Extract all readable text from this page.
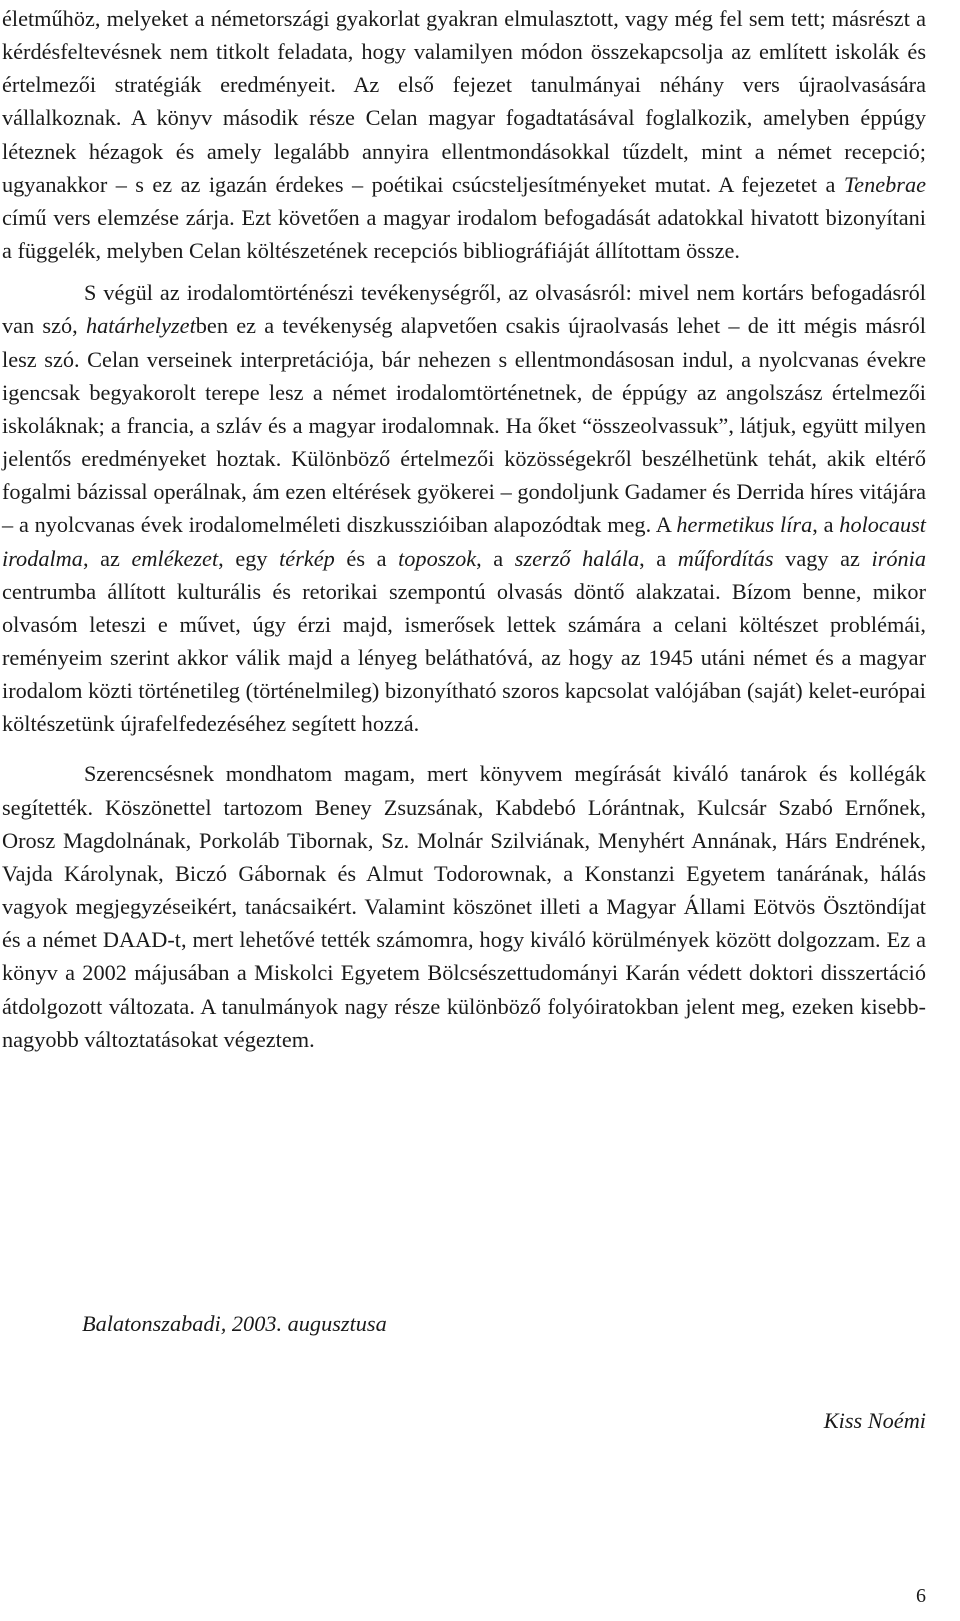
életműhöz, melyeket a németországi gyakorlat gyakran elmulasztott, vagy még fel sem tett; másrészt a kérdésfeltevésnek nem titkolt feladata, hogy valamilyen módon összekapcsolja az említett iskolák és értelmezői stratégiák eredményeit. Az első fejezet tanulmányai néhány vers újraolvasására vállalkoznak. A könyv második része Celan magyar fogadtatásával foglalkozik, amelyben éppúgy léteznek hézagok és amely legalább annyira ellentmondásokkal tűzdelt, mint a német recepció; ugyanakkor – s ez az igazán érdekes – poétikai csúcsteljesítményeket mutat. A fejezetet a Tenebrae című vers elemzése zárja. Ezt követően a magyar irodalom befogadását adatokkal hivatott bizonyítani a függelék, melyben Celan költészetének recepciós bibliográfiáját állítottam össze.

S végül az irodalomtörténészi tevékenységről, az olvasásról: mivel nem kortárs befogadásról van szó, határhelyzetben ez a tevékenység alapvetően csakis újraolvasás lehet – de itt mégis másról lesz szó. Celan verseinek interpretációja, bár nehezen s ellentmondásosan indul, a nyolcvanas évekre igencsak begyakorolt terepe lesz a német irodalomtörténetnek, de éppúgy az angolszász értelmezői iskoláknak; a francia, a szláv és a magyar irodalomnak. Ha őket “összeolvassuk”, látjuk, együtt milyen jelentős eredményeket hoztak. Különböző értelmezői közösségekről beszélhetünk tehát, akik eltérő fogalmi bázissal operálnak, ám ezen eltérések gyökerei – gondoljunk Gadamer és Derrida híres vitájára – a nyolcvanas évek irodalomelméleti diszkusszióiban alapozódtak meg. A hermetikus líra, a holocaust irodalma, az emlékezet, egy térkép és a toposzok, a szerző halála, a műfordítás vagy az irónia centrumba állított kulturális és retorikai szempontú olvasás döntő alakzatai. Bízom benne, mikor olvasóm leteszi e művet, úgy érzi majd, ismerősek lettek számára a celani költészet problémái, reményeim szerint akkor válik majd a lényeg beláthatóvá, az hogy az 1945 utáni német és a magyar irodalom közti történetileg (történelmileg) bizonyítható szoros kapcsolat valójában (saját) kelet-európai költészetünk újrafelfedezéséhez segített hozzá.

Szerencsésnek mondhatom magam, mert könyvem megírását kiváló tanárok és kollégák segítették. Köszönettel tartozom Beney Zsuzsának, Kabdebó Lórántnak, Kulcsár Szabó Ernőnek, Orosz Magdolnának, Porkoláb Tibornak, Sz. Molnár Szilviának, Menyhért Annának, Hárs Endrének, Vajda Károlynak, Biczó Gábornak és Almut Todorownak, a Konstanzi Egyetem tanárának, hálás vagyok megjegyzéseikért, tanácsaikért. Valamint köszönet illeti a Magyar Állami Eötvös Ösztöndíjat és a német DAAD-t, mert lehetővé tették számomra, hogy kiváló körülmények között dolgozzam. Ez a könyv a 2002 májusában a Miskolci Egyetem Bölcsészettudományi Karán védett doktori disszertáció átdolgozott változata. A tanulmányok nagy része különböző folyóiratokban jelent meg, ezeken kisebb-nagyobb változtatásokat végeztem.

Balatonszabadi, 2003. augusztusa

Kiss Noémi

6
